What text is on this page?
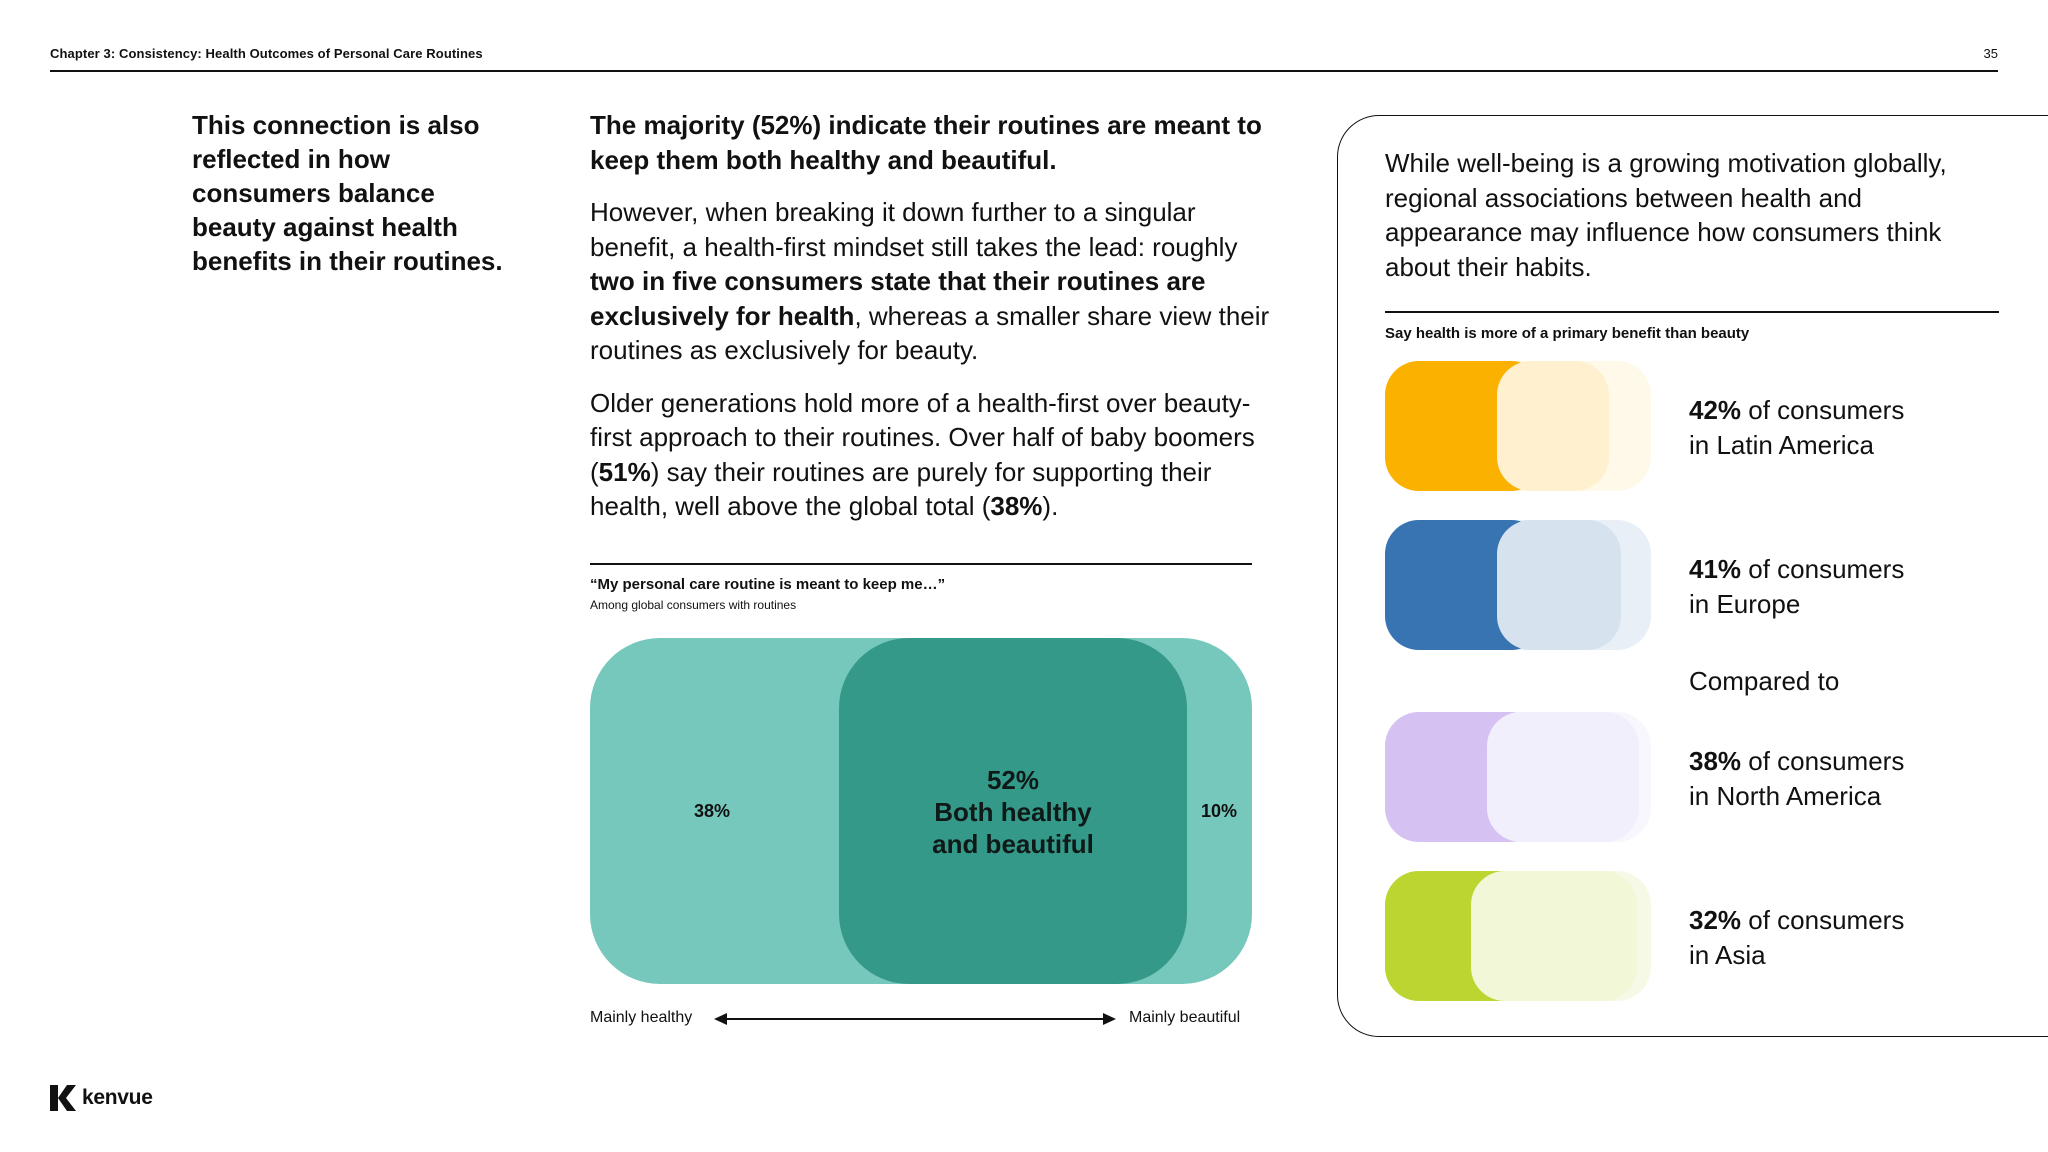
Chapter 3: Consistency: Health Outcomes of Personal Care Routines	35
This connection is also reflected in how consumers balance beauty against health benefits in their routines.
The majority (52%) indicate their routines are meant to keep them both healthy and beautiful.

However, when breaking it down further to a singular benefit, a health-first mindset still takes the lead: roughly two in five consumers state that their routines are exclusively for health, whereas a smaller share view their routines as exclusively for beauty.

Older generations hold more of a health-first over beauty-first approach to their routines. Over half of baby boomers (51%) say their routines are purely for supporting their health, well above the global total (38%).

“My personal care routine is meant to keep me…”
Among global consumers with routines
38%
52%
Both healthy
and beautiful
10%
Mainly healthy	Mainly beautiful
kenvue
While well-being is a growing motivation globally, regional associations between health and appearance may influence how consumers think about their habits.
Say health is more of a primary benefit than beauty
42% of consumers
in Latin America
41% of consumers
in Europe
Compared to
38% of consumers
in North America
32% of consumers
in Asia
